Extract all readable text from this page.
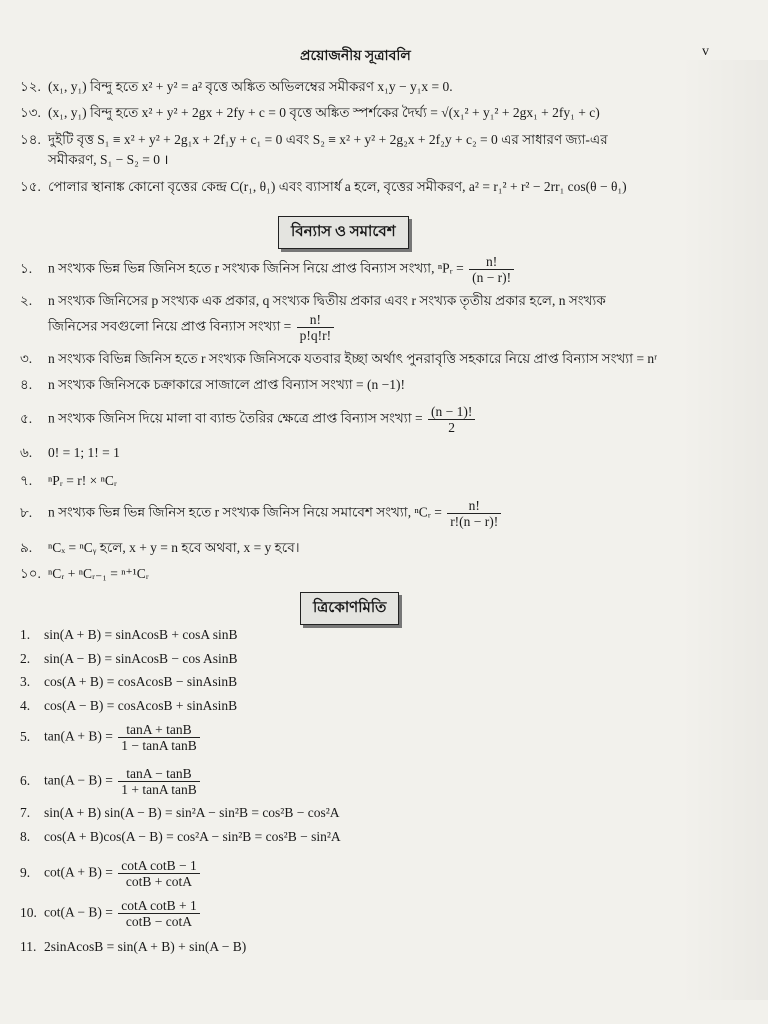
প্রয়োজনীয় সূত্রাবলি	v
১২. (x₁, y₁) বিন্দু হতে x² + y² = a² বৃত্তে অঙ্কিত অভিলম্বের সমীকরণ x₁y − y₁x = 0.
১৩. (x₁, y₁) বিন্দু হতে x² + y² + 2gx + 2fy + c = 0 বৃত্তে অঙ্কিত স্পর্শকের দৈর্ঘ্য = √(x₁² + y₁² + 2gx₁ + 2fy₁ + c)
১৪. দুইটি বৃত্ত S₁ ≡ x² + y² + 2g₁x + 2f₁y + c₁ = 0 এবং S₂ ≡ x² + y² + 2g₂x + 2f₂y + c₂ = 0 এর সাধারণ জ্যা-এর
সমীকরণ, S₁ − S₂ = 0 ।
১৫. পোলার স্থানাঙ্ক কোনো বৃত্তের কেন্দ্র C(r₁, θ₁) এবং ব্যাসার্ধ a হলে, বৃত্তের সমীকরণ, a² = r₁² + r² − 2rr₁ cos(θ − θ₁)
বিন্যাস ও সমাবেশ
১. n সংখ্যক ভিন্ন ভিন্ন জিনিস হতে r সংখ্যক জিনিস নিয়ে প্রাপ্ত বিন্যাস সংখ্যা, ⁿPᵣ = $\frac{n!}{(n - r)!}$
২. n সংখ্যক জিনিসের p সংখ্যক এক প্রকার, q সংখ্যক দ্বিতীয় প্রকার এবং r সংখ্যক তৃতীয় প্রকার হলে, n সংখ্যক
জিনিসের সবগুলো নিয়ে প্রাপ্ত বিন্যাস সংখ্যা = $\frac{n!}{p!q!r!}$
৩. n সংখ্যক বিভিন্ন জিনিস হতে r সংখ্যক জিনিসকে যতবার ইচ্ছা অর্থাৎ পুনরাবৃত্তি সহকারে নিয়ে প্রাপ্ত বিন্যাস সংখ্যা = nʳ
৪. n সংখ্যক জিনিসকে চক্রাকারে সাজালে প্রাপ্ত বিন্যাস সংখ্যা = (n −1)!
৫. n সংখ্যক জিনিস দিয়ে মালা বা ব্যান্ড তৈরির ক্ষেত্রে প্রাপ্ত বিন্যাস সংখ্যা = $\frac{(n - 1)!}{2}$
৬. 0! = 1; 1! = 1
৭. ⁿPᵣ = r! × ⁿCᵣ
৮. n সংখ্যক ভিন্ন ভিন্ন জিনিস হতে r সংখ্যক জিনিস নিয়ে সমাবেশ সংখ্যা, ⁿCᵣ = $\frac{n!}{r!(n - r)!}$
৯. ⁿCₓ = ⁿCᵧ হলে, x + y = n হবে অথবা, x = y হবে।
১০. ⁿCᵣ + ⁿCᵣ₋₁ = ⁿ⁺¹Cᵣ
ত্রিকোণমিতি
1. sin(A + B) = sinAcosB + cosA sinB
2. sin(A − B) = sinAcosB − cos AsinB
3. cos(A + B) = cosAcosB − sinAsinB
4. cos(A − B) = cosAcosB + sinAsinB
5. $\tan(A + B) = \frac{\tan A + \tan B}{\text{1 − tanA tanB}}$
6. $\tan(A - B) = \frac{\tan A - \tan B}{\text{1 + tanA tanB}}$
7. sin(A + B) sin(A − B) = sin²A − sin²B = cos²B − cos²A
8. cos(A + B)cos(A − B) = cos²A − sin²B = cos²B − sin²A
9. $\cot(A + B) = \frac{\text{cotA cotB − 1}}{\cot B + \cot A}$
10. $\cot(A - B) = \frac{\text{cotA cotB + 1}}{\cot B - \cot A}$
11. 2sinAcosB = sin(A + B) + sin(A − B)
